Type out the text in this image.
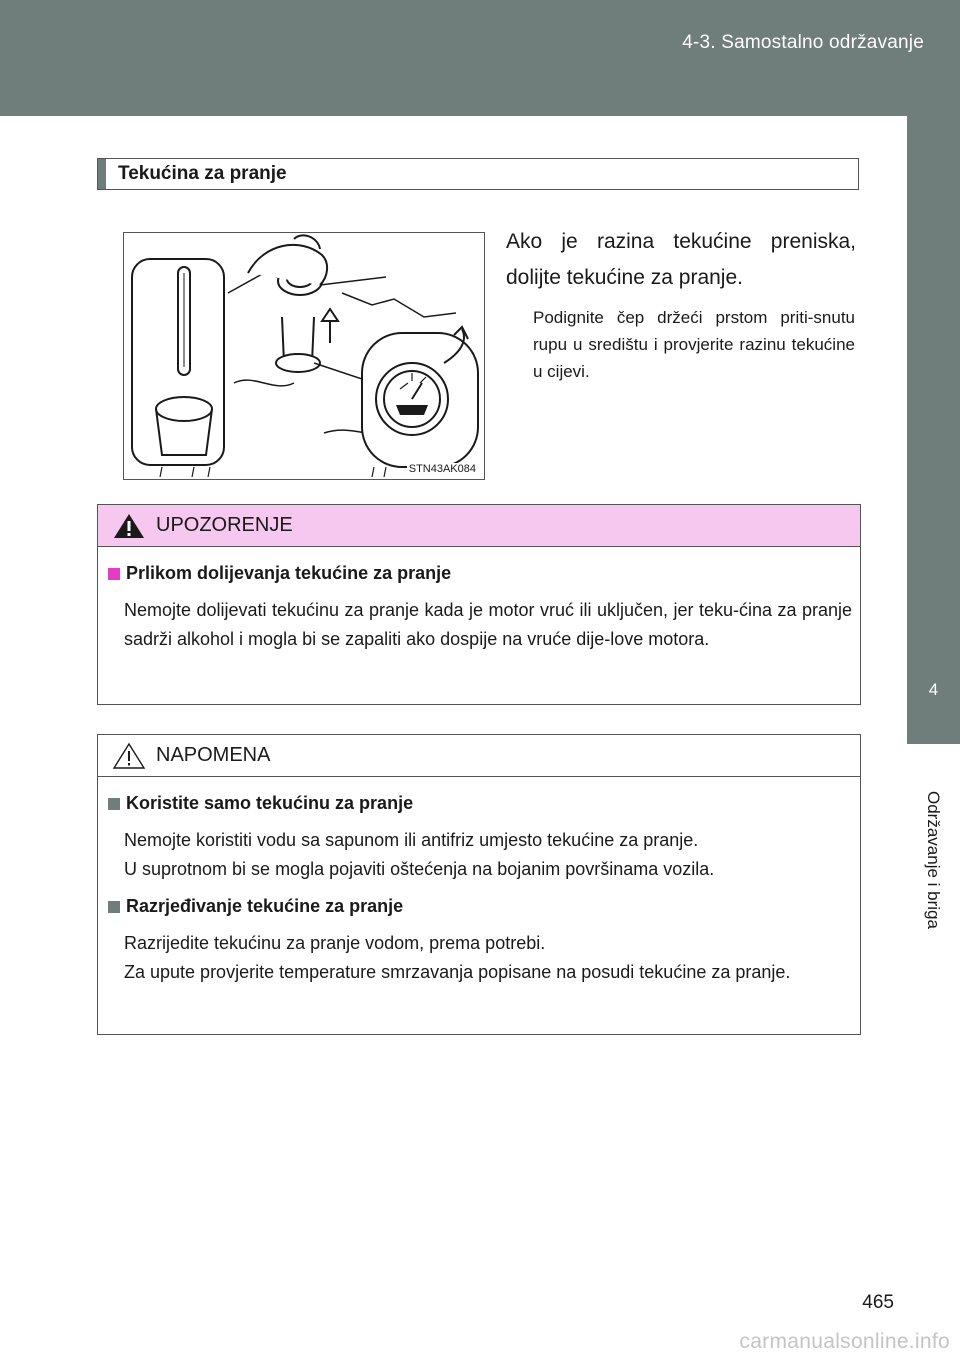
4-3. Samostalno održavanje
4
Održavanje i briga
Tekućina za pranje
STN43AK084
Ako je razina tekućine preniska, dolijte tekućine za pranje.
Podignite čep držeći prstom priti-snutu rupu u središtu i provjerite razinu tekućine u cijevi.
UPOZORENJE
Prlikom dolijevanja tekućine za pranje
Nemojte dolijevati tekućinu za pranje kada je motor vruć ili uključen, jer teku-ćina za pranje sadrži alkohol i mogla bi se zapaliti ako dospije na vruće dije-love motora.
NAPOMENA
Koristite samo tekućinu za pranje
Nemojte koristiti vodu sa sapunom ili antifriz umjesto tekućine za pranje.
U suprotnom bi se mogla pojaviti oštećenja na bojanim površinama vozila.
Razrjeđivanje tekućine za pranje
Razrijedite tekućinu za pranje vodom, prema potrebi.
Za upute provjerite temperature smrzavanja popisane na posudi tekućine za pranje.
465
carmanualsonline.info
